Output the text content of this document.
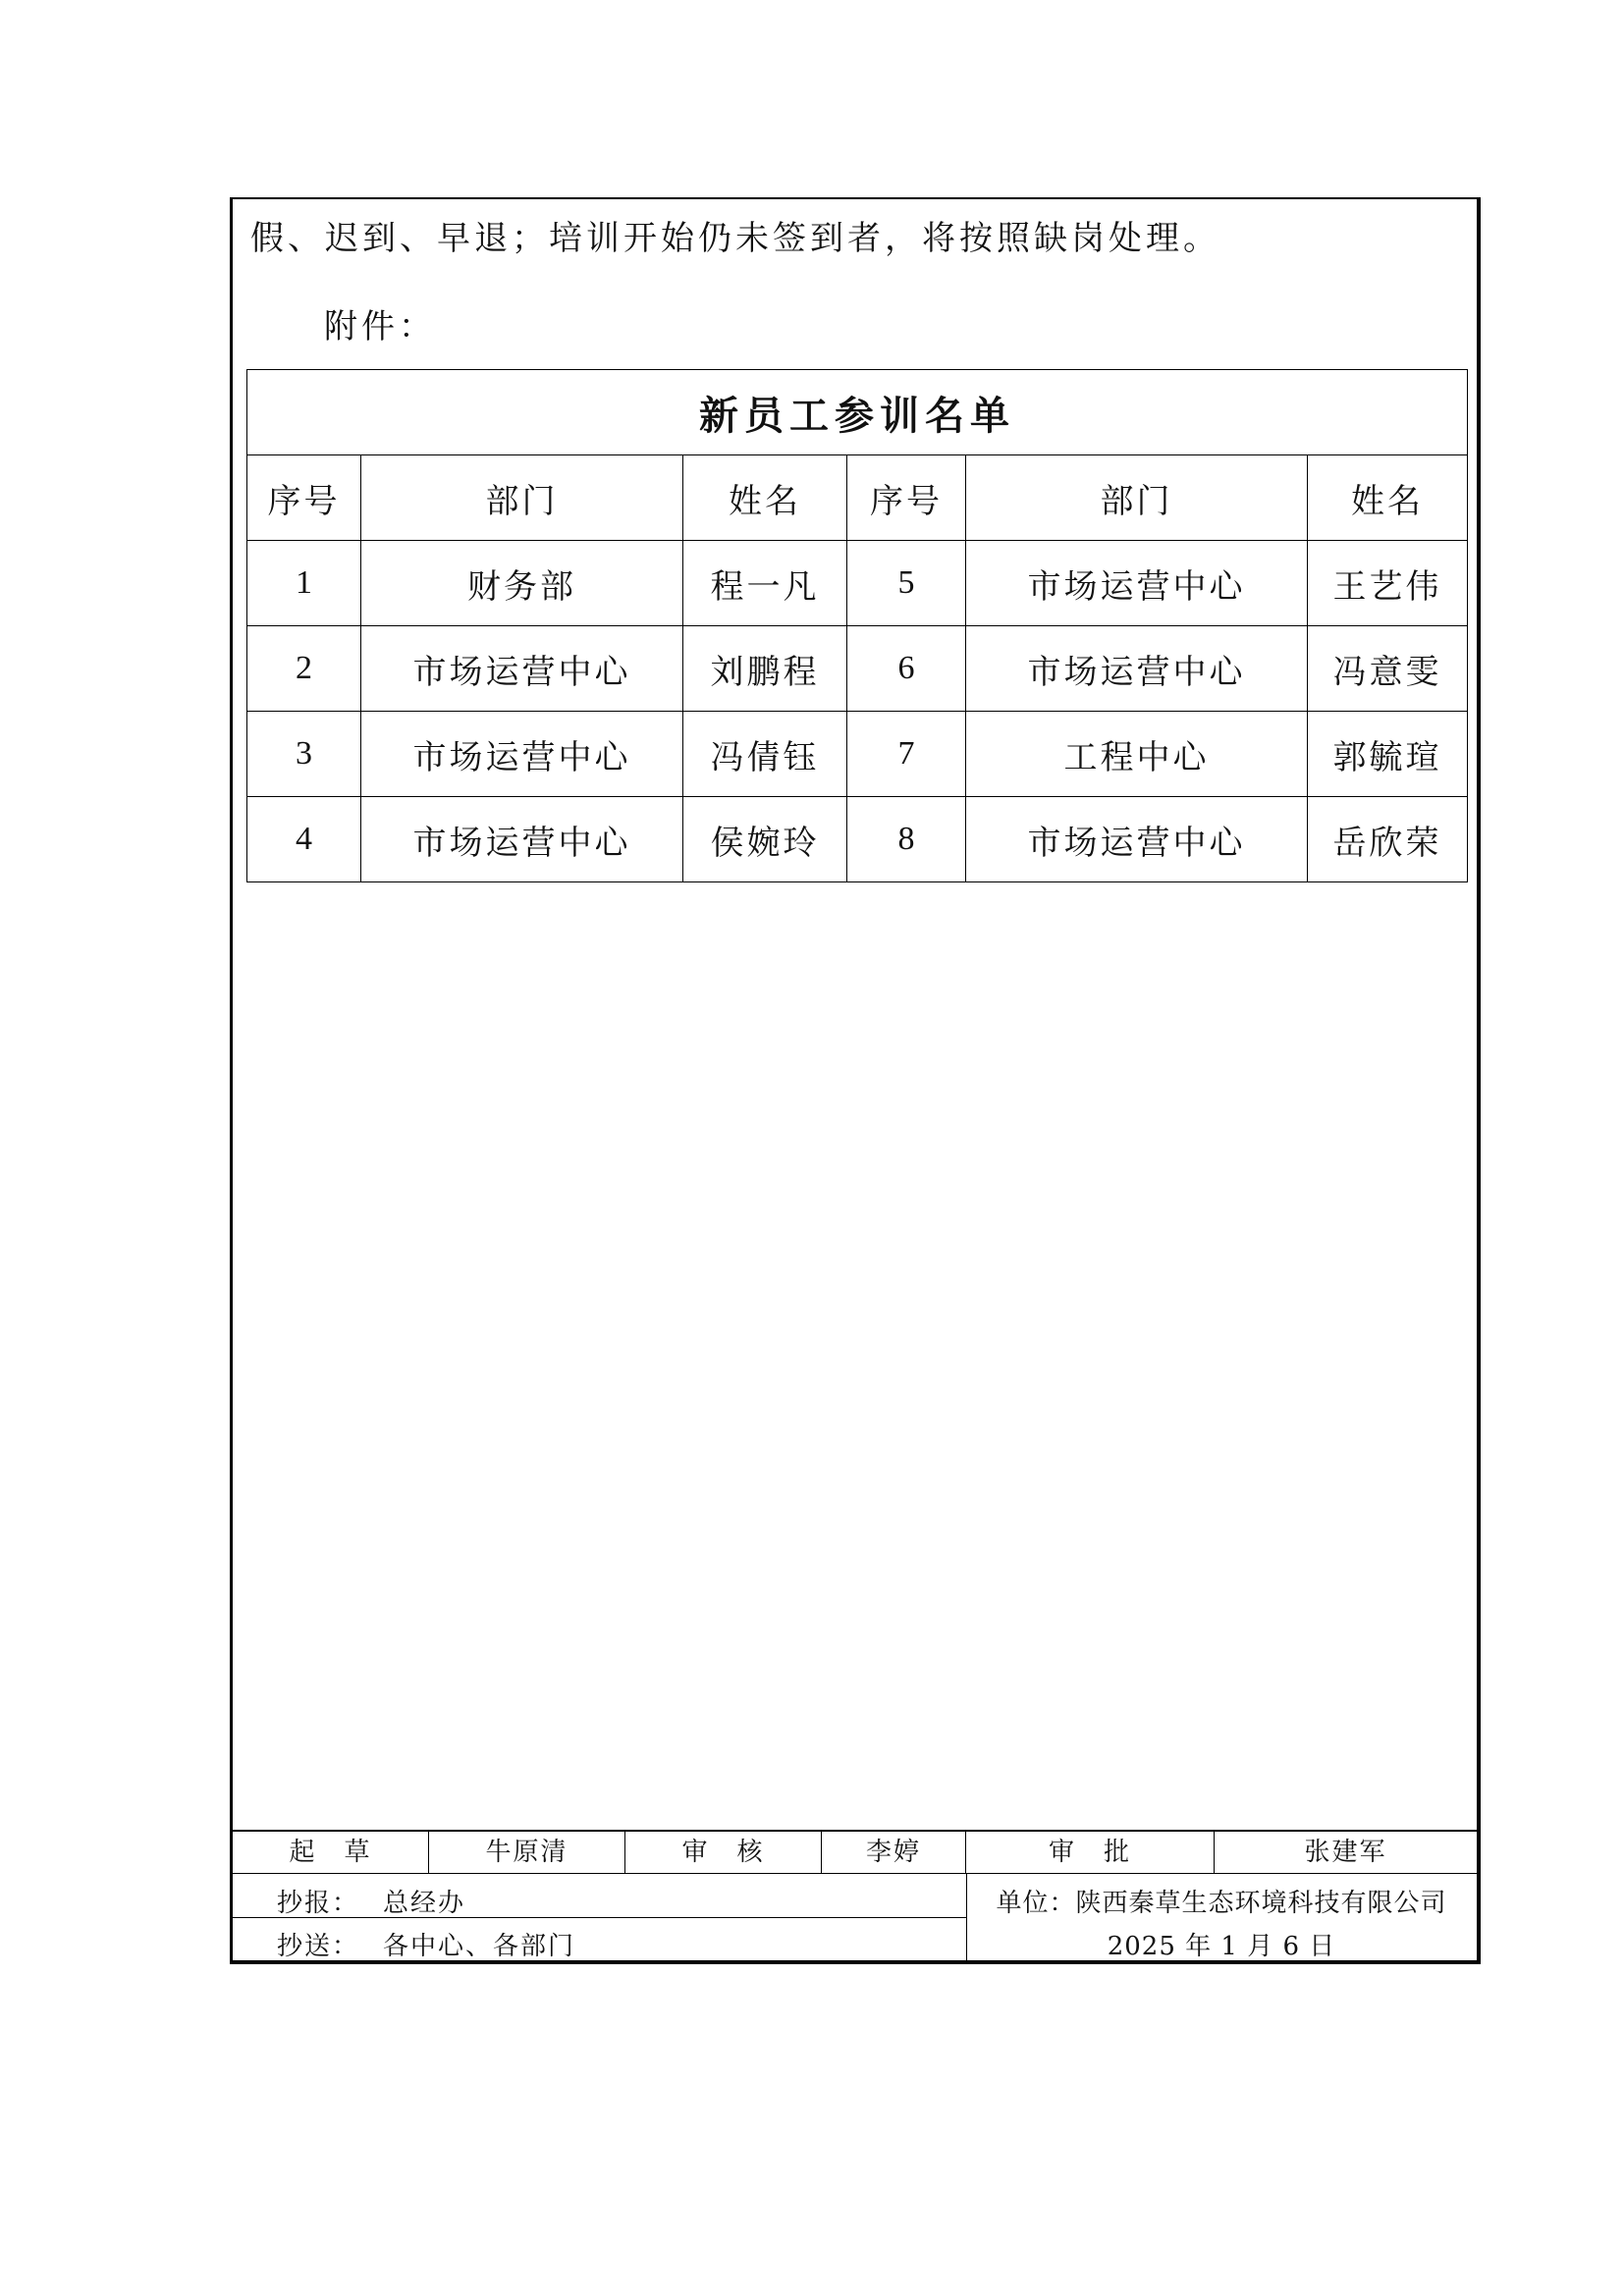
假、迟到、早退；培训开始仍未签到者，将按照缺岗处理。
附件：
新员工参训名单					
序号	部门	姓名	序号	部门	姓名
1	财务部	程一凡	5	市场运营中心	王艺伟
2	市场运营中心	刘鹏程	6	市场运营中心	冯意雯
3	市场运营中心	冯倩钰	7	工程中心	郭毓瑄
4	市场运营中心	侯婉玲	8	市场运营中心	岳欣荣
起　草	牛原清	审　核	李婷	审　批	张建军
抄报： 总经办
抄送： 各中心、各部门
单位：陕西秦草生态环境科技有限公司
2025 年 1 月 6 日
